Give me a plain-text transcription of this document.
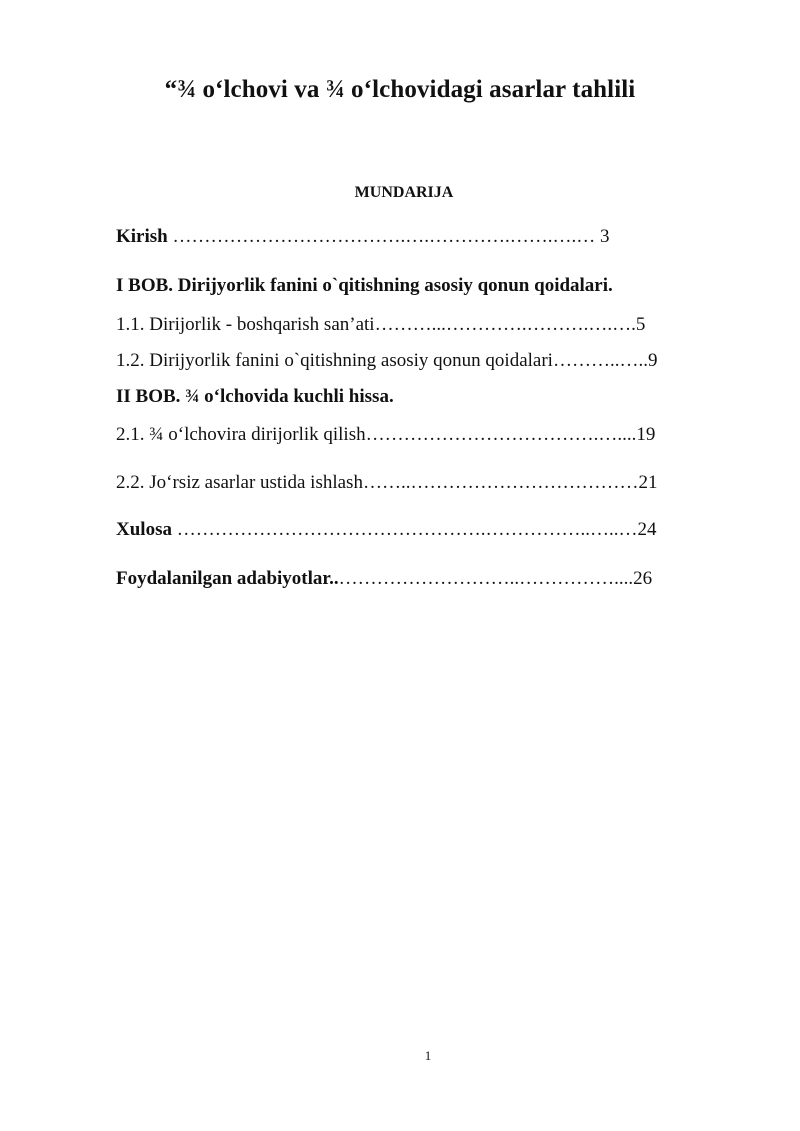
“¾ o‘lchovi va ¾ o‘lchovidagi asarlar tahlili
MUNDARIJA
Kirish ……………………………….….………….…….….… 3
I BOB. Dirijyorlik fanini o`qitishning asosiy qonun qoidalari.
1.1. Dirijorlik - boshqarish san’ati………...………….……….….….5
1.2. Dirijyorlik fanini o`qitishning asosiy qonun qoidalari………..…..9
II BOB. ¾ o‘lchovida kuchli hissa.
2.1. ¾ o‘lchovira dirijorlik qilish……………………………….…....19
2.2. Jo‘rsiz asarlar ustida ishlash……..………………………………21
Xulosa ………………………………………….……………..…..…24
Foydalanilgan adabiyotlar..………………………..……………....26
1
